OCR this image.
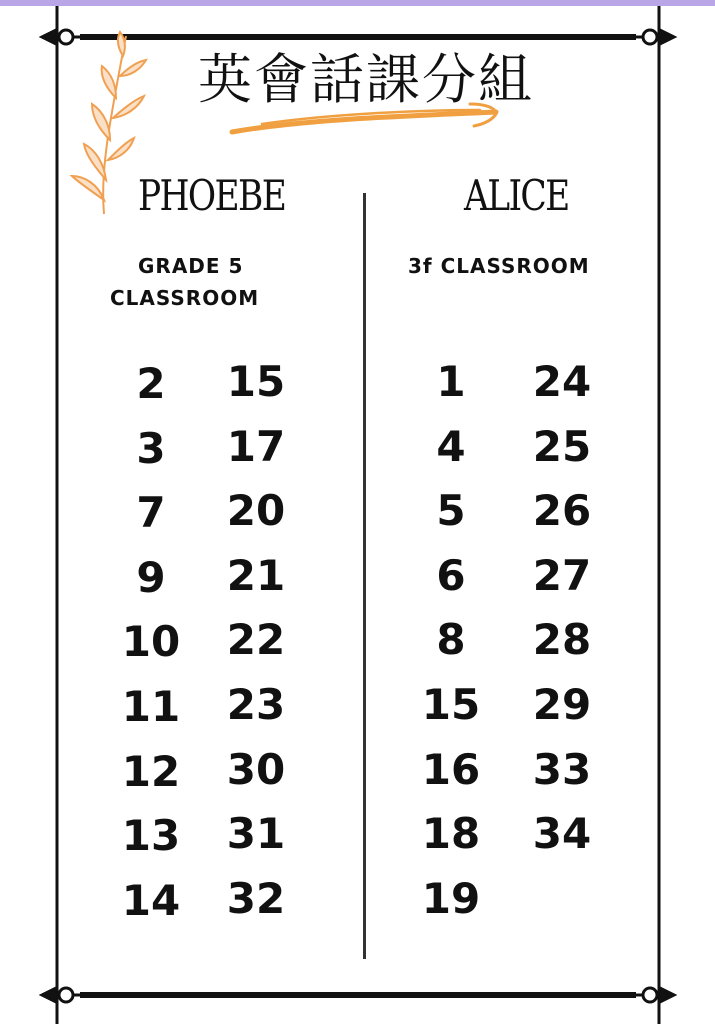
英會話課分組
PHOEBE
GRADE 5
CLASSROOM
2
3
7
9
10
11
12
13
14
15
17
20
21
22
23
30
31
32
ALICE
3f CLASSROOM
1
4
5
6
8
15
16
18
19
24
25
26
27
28
29
33
34
